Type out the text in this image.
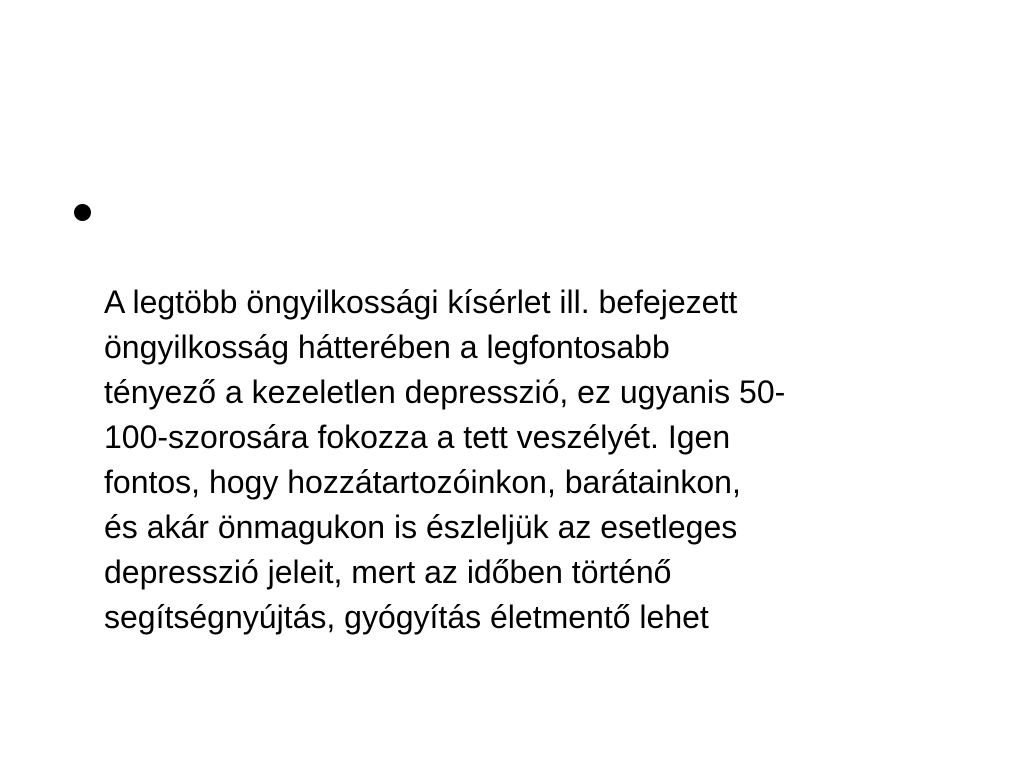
A legtöbb öngyilkossági kísérlet ill. befejezett
öngyilkosság hátterében a legfontosabb
tényező a kezeletlen depresszió, ez ugyanis 50-
100-szorosára fokozza a tett veszélyét. Igen
fontos, hogy hozzátartozóinkon, barátainkon,
és akár önmagukon is észleljük az esetleges
depresszió jeleit, mert az időben történő
segítségnyújtás, gyógyítás életmentő lehet
